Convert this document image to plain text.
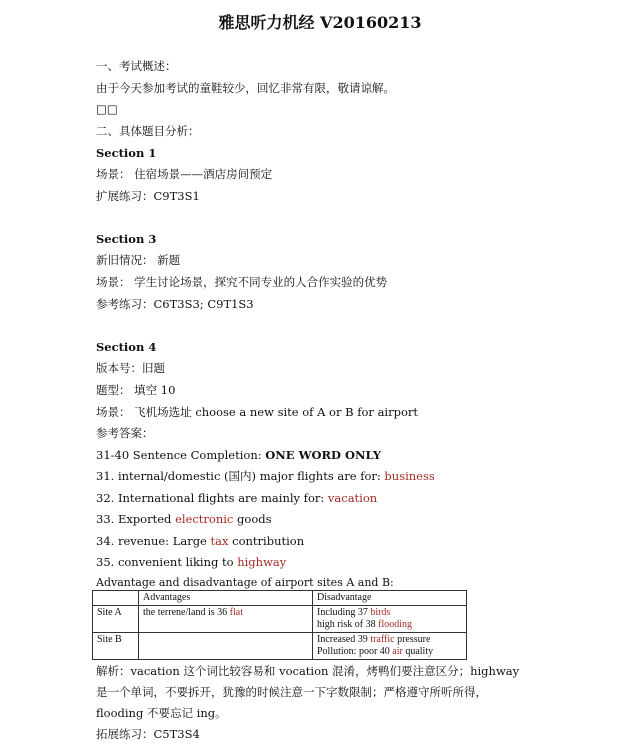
雅思听力机经 V20160213
一、考试概述：
由于今天参加考试的童鞋较少，回忆非常有限，敬请谅解。
□□
二、具体题目分析：
Section 1
场景： 住宿场景——酒店房间预定
扩展练习：C9T3S1
Section 3
新旧情况： 新题
场景： 学生讨论场景，探究不同专业的人合作实验的优势
参考练习：C6T3S3; C9T1S3
Section 4
版本号：旧题
题型： 填空 10
场景： 飞机场选址 choose a new site of A or B for airport
参考答案：
31-40 Sentence Completion: ONE WORD ONLY
31. internal/domestic (国内) major flights are for: business
32. International flights are mainly for: vacation
33. Exported electronic goods
34. revenue: Large tax contribution
35. convenient liking to highway
Advantage and disadvantage of airport sites A and B:
	Advantages	Disadvantage
Site A	the terrene/land is 36 flat	Including 37 birds
high risk of 38 flooding

Site B		Increased 39 traffic pressure
Pollution: poor 40 air quality
解析：vacation 这个词比较容易和 vocation 混淆，烤鸭们要注意区分；highway 是一个单词，不要拆开，犹豫的时候注意一下字数限制；严格遵守所听所得，flooding 不要忘记 ing。
拓展练习：C5T3S4
